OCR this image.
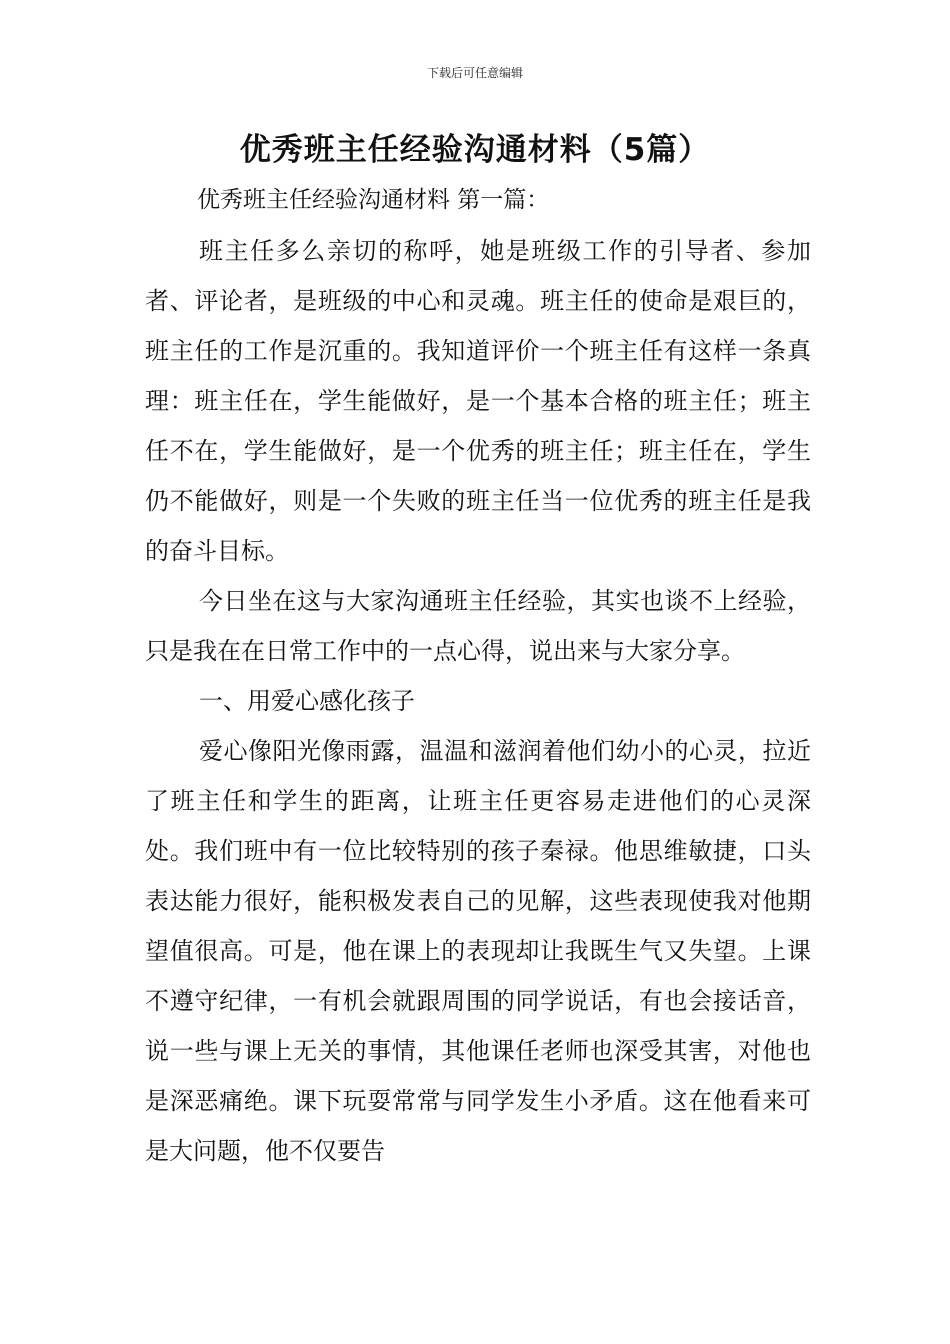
下载后可任意编辑
优秀班主任经验沟通材料（5篇）
优秀班主任经验沟通材料 第一篇：

班主任多么亲切的称呼，她是班级工作的引导者、参加者、评论者，是班级的中心和灵魂。班主任的使命是艰巨的，班主任的工作是沉重的。我知道评价一个班主任有这样一条真理：班主任在，学生能做好，是一个基本合格的班主任；班主任不在，学生能做好，是一个优秀的班主任；班主任在，学生仍不能做好，则是一个失败的班主任当一位优秀的班主任是我的奋斗目标。

今日坐在这与大家沟通班主任经验，其实也谈不上经验，只是我在在日常工作中的一点心得，说出来与大家分享。

一、用爱心感化孩子

爱心像阳光像雨露，温温和滋润着他们幼小的心灵，拉近了班主任和学生的距离，让班主任更容易走进他们的心灵深处。我们班中有一位比较特别的孩子秦禄。他思维敏捷，口头表达能力很好，能积极发表自己的见解，这些表现使我对他期望值很高。可是，他在课上的表现却让我既生气又失望。上课不遵守纪律，一有机会就跟周围的同学说话，有也会接话音，说一些与课上无关的事情，其他课任老师也深受其害，对他也是深恶痛绝。课下玩耍常常与同学发生小矛盾。这在他看来可是大问题，他不仅要告
